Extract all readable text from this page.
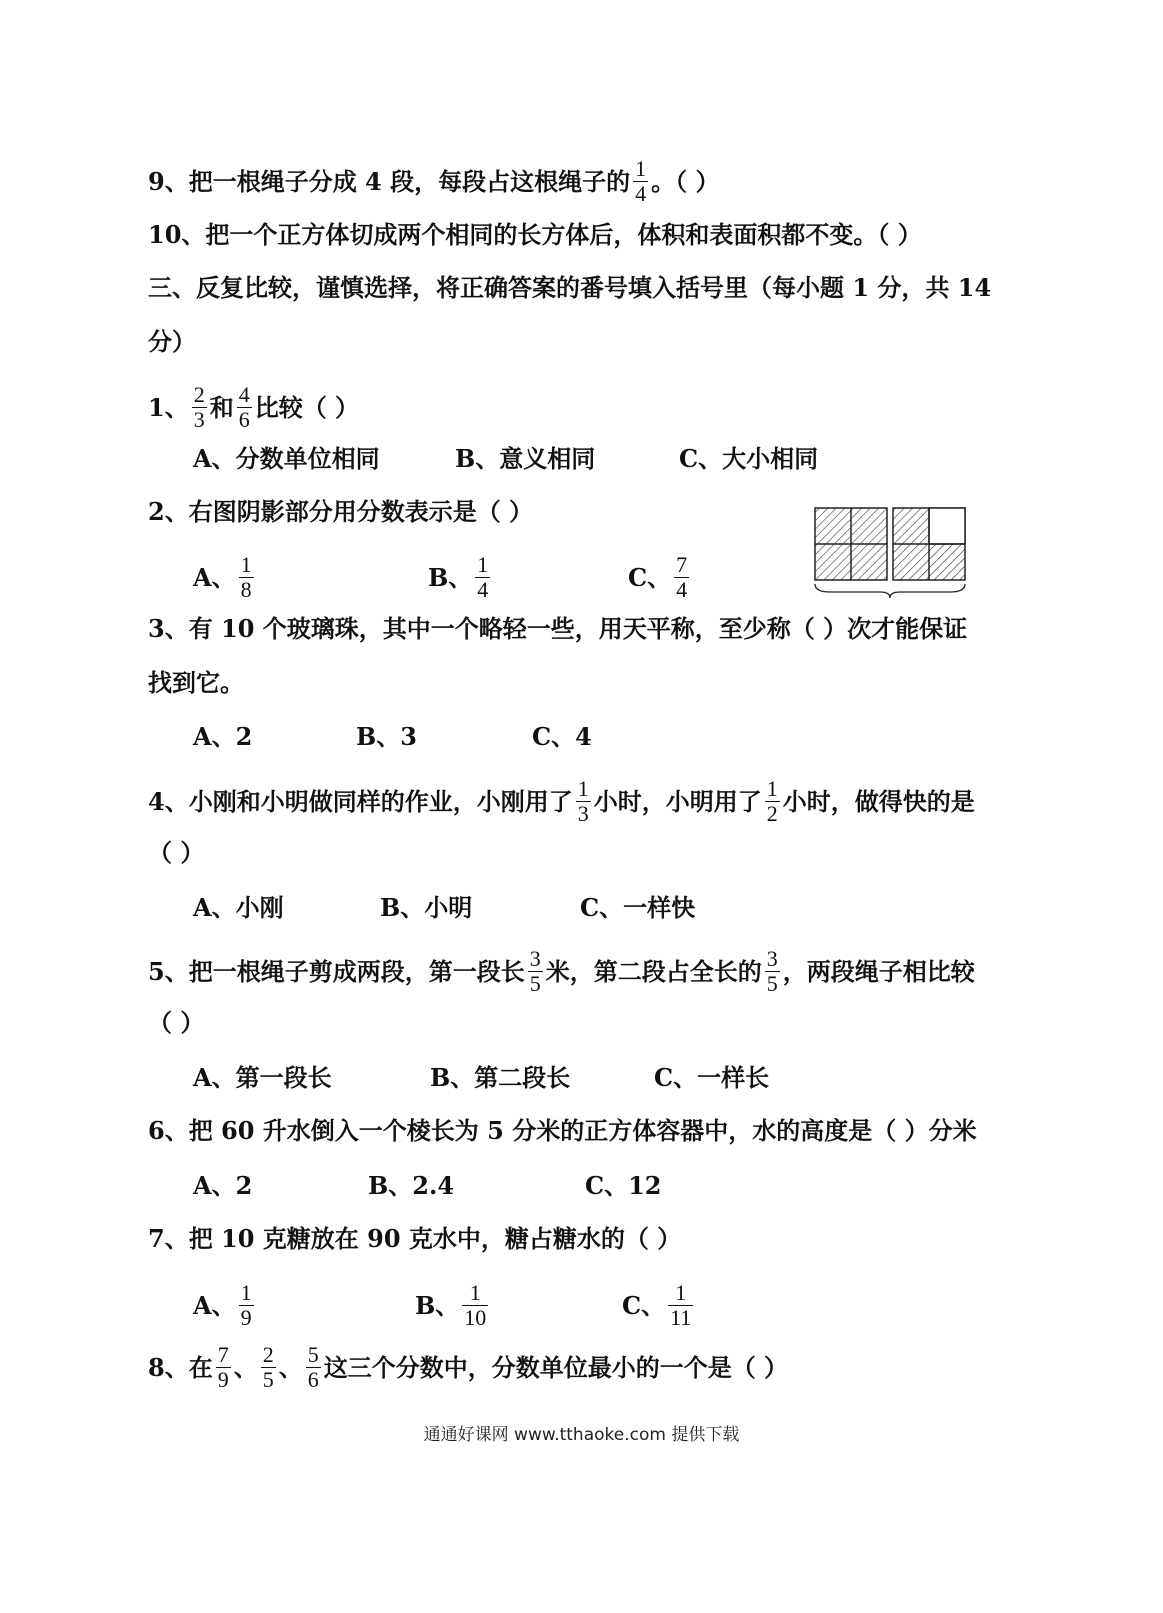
9、把一根绳子分成 4 段，每段占这根绳子的 $\frac{1}{4}$ 。（ ）
10、把一个正方体切成两个相同的长方体后，体积和表面积都不变。（ ）
三、反复比较，谨慎选择，将正确答案的番号填入括号里（每小题 1 分，共 14
分）
1、 $\frac{2}{3}$ 和 $\frac{4}{6}$ 比较（ ）
A、分数单位相同	B、意义相同	C、大小相同
2、右图阴影部分用分数表示是（ ）
A、 $\frac{1}{8}$	B、 $\frac{1}{4}$	C、 $\frac{7}{4}$
3、有 10 个玻璃珠，其中一个略轻一些，用天平称，至少称（ ）次才能保证
找到它。
A、2	B、3	C、4
4、小刚和小明做同样的作业，小刚用了 $\frac{1}{3}$ 小时，小明用了 $\frac{1}{2}$ 小时，做得快的是
（ ）
A、小刚	B、小明	C、一样快
5、把一根绳子剪成两段，第一段长 $\frac{3}{5}$ 米，第二段占全长的 $\frac{3}{5}$ ，两段绳子相比较
（ ）
A、第一段长	B、第二段长	C、一样长
6、把 60 升水倒入一个棱长为 5 分米的正方体容器中，水的高度是（ ）分米
A、2	B、2.4	C、12
7、把 10 克糖放在 90 克水中，糖占糖水的（ ）
A、 $\frac{1}{9}$	B、 $\frac{1}{10}$	C、 $\frac{1}{11}$
8、在 $\frac{7}{9}$ 、 $\frac{2}{5}$ 、 $\frac{5}{6}$ 这三个分数中，分数单位最小的一个是（ ）
通通好课网 www.tthaoke.com 提供下载
